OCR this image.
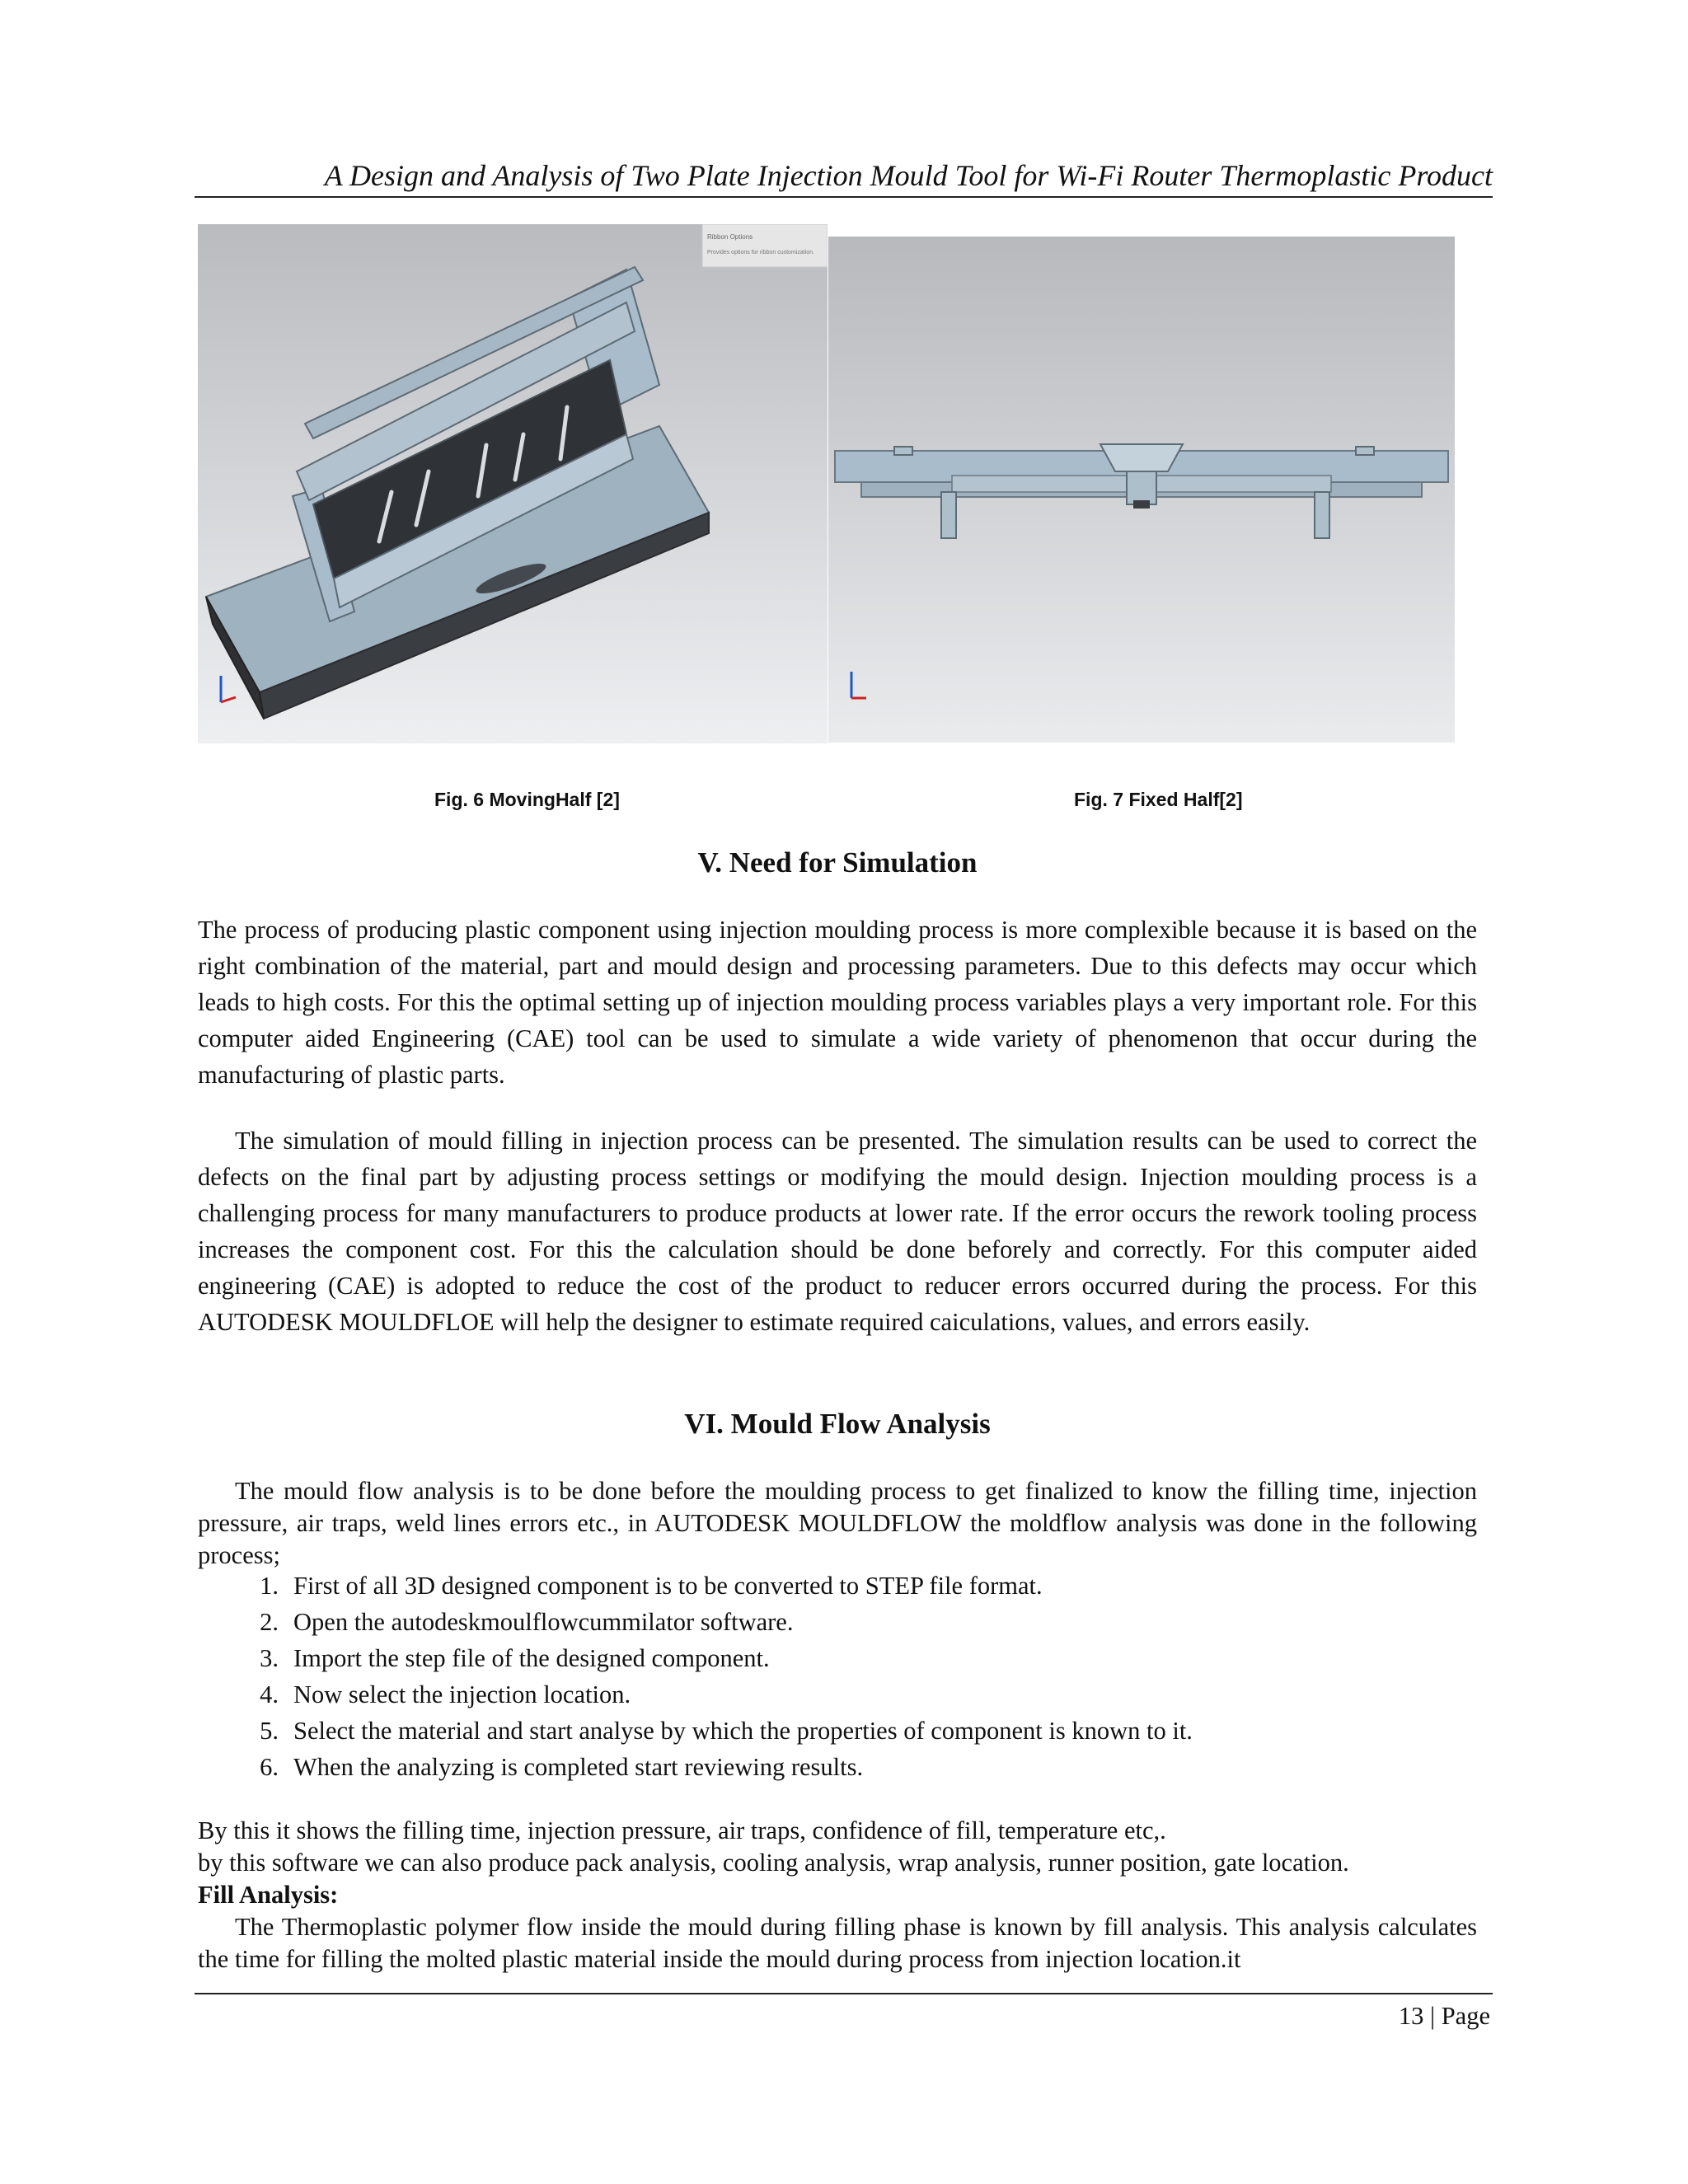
A Design and Analysis of Two Plate Injection Mould Tool for Wi-Fi Router Thermoplastic Product
Ribbon Options
Provides options for ribbon customization.
Fig. 6 MovingHalf [2]	Fig. 7 Fixed Half[2]
V. Need for Simulation

The process of producing plastic component using injection moulding process is more complexible because it is based on the right combination of the material, part and mould design and processing parameters. Due to this defects may occur which leads to high costs. For this the optimal setting up of injection moulding process variables plays a very important role. For this computer aided Engineering (CAE) tool can be used to simulate a wide variety of phenomenon that occur during the manufacturing of plastic parts.

The simulation of mould filling in injection process can be presented. The simulation results can be used to correct the defects on the final part by adjusting process settings or modifying the mould design. Injection moulding process is a challenging process for many manufacturers to produce products at lower rate. If the error occurs the rework tooling process increases the component cost. For this the calculation should be done beforely and correctly. For this computer aided engineering (CAE) is adopted to reduce the cost of the product to reducer errors occurred during the process. For this AUTODESK MOULDFLOE will help the designer to estimate required caiculations, values, and errors easily.

VI. Mould Flow Analysis

The mould flow analysis is to be done before the moulding process to get finalized to know the filling time, injection pressure, air traps, weld lines errors etc., in AUTODESK MOULDFLOW the moldflow analysis was done in the following process;

1. First of all 3D designed component is to be converted to STEP file format.
2. Open the autodeskmoulflowcummilator software.
3. Import the step file of the designed component.
4. Now select the injection location.
5. Select the material and start analyse by which the properties of component is known to it.
6. When the analyzing is completed start reviewing results.

By this it shows the filling time, injection pressure, air traps, confidence of fill, temperature etc,.

by this software we can also produce pack analysis, cooling analysis, wrap analysis, runner position, gate location.

Fill Analysis:

The Thermoplastic polymer flow inside the mould during filling phase is known by fill analysis. This analysis calculates the time for filling the molted plastic material inside the mould during process from injection location.it

13 | Page
